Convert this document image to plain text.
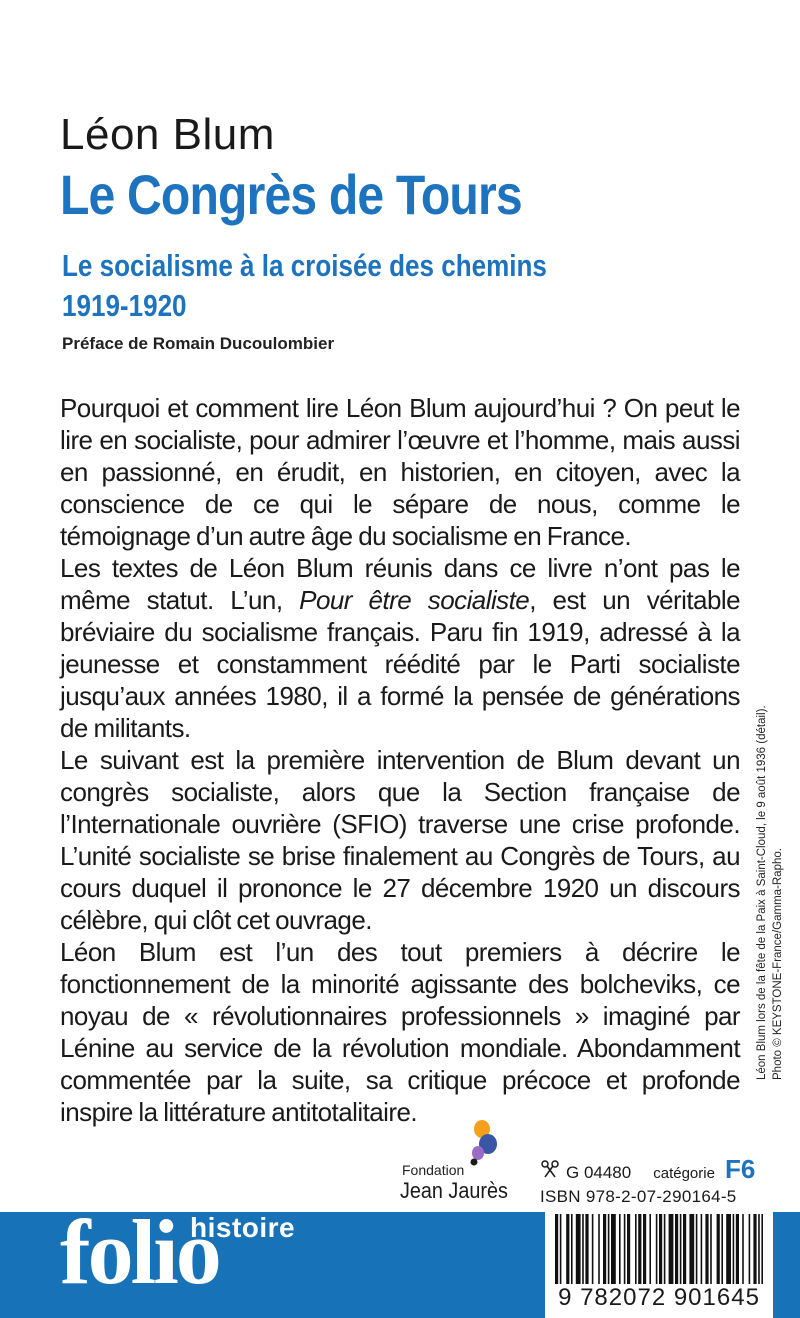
Léon Blum
Le Congrès de Tours
Le socialisme à la croisée des chemins
1919-1920
Préface de Romain Ducoulombier

Pourquoi et comment lire Léon Blum aujourd’hui ? On peut le lire en socialiste, pour admirer l’œuvre et l’homme, mais aussi en passionné, en érudit, en historien, en citoyen, avec la conscience de ce qui le sépare de nous, comme le témoignage d’un autre âge du socialisme en France.

Les textes de Léon Blum réunis dans ce livre n’ont pas le même statut. L’un, Pour être socialiste, est un véritable bréviaire du socialisme français. Paru fin 1919, adressé à la jeunesse et constamment réédité par le Parti socialiste jusqu’aux années 1980, il a formé la pensée de générations de militants.

Le suivant est la première intervention de Blum devant un congrès socialiste, alors que la Section française de l’Internationale ouvrière (SFIO) traverse une crise profonde. L’unité socialiste se brise finalement au Congrès de Tours, au cours duquel il prononce le 27 décembre 1920 un discours célèbre, qui clôt cet ouvrage.

Léon Blum est l’un des tout premiers à décrire le fonctionnement de la minorité agissante des bolcheviks, ce noyau de « révolutionnaires professionnels » imaginé par Lénine au service de la révolution mondiale. Abondamment commentée par la suite, sa critique précoce et profonde inspire la littérature antitotalitaire.

Léon Blum lors de la fête de la Paix à Saint-Cloud, le 9 août 1936 (détail). Photo © KEYSTONE-France/Gamma-Rapho.
Fondation
Jean Jaurès
G 04480 catégorie F6
ISBN 978-2-07-290164-5
folio
histoire
9 782072 901645
